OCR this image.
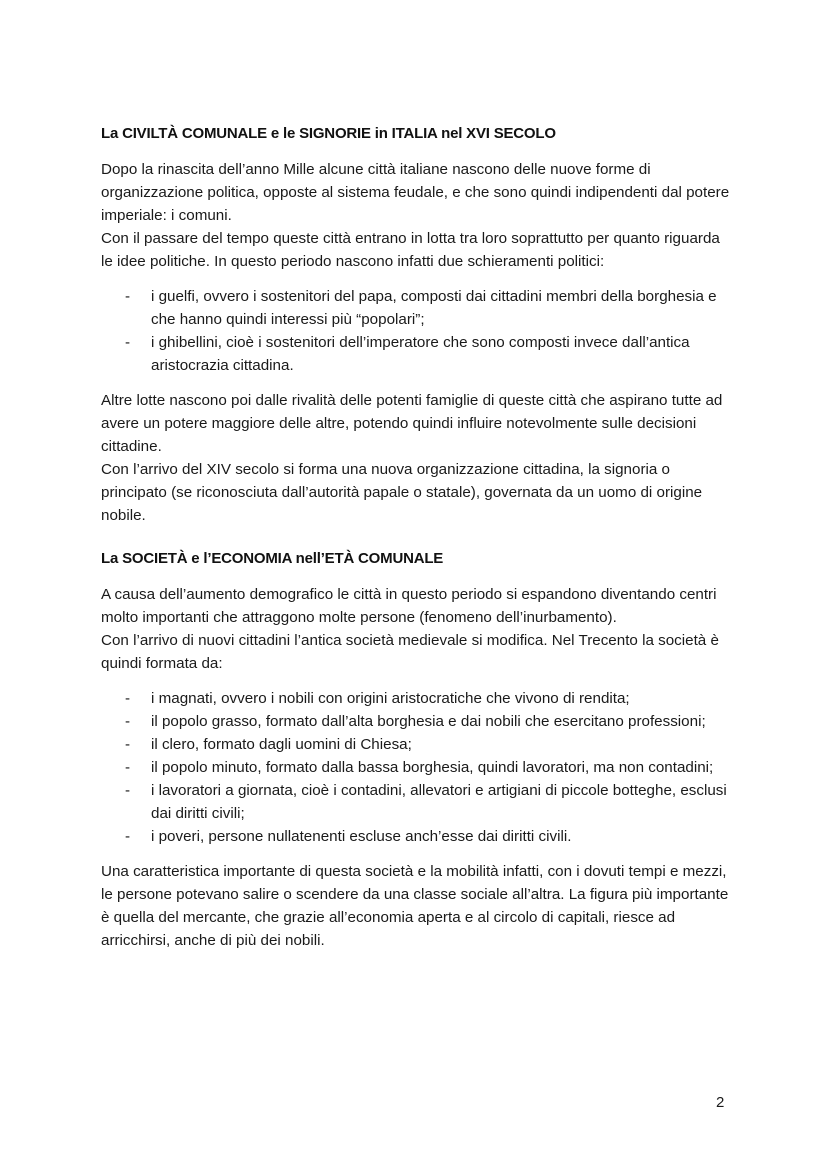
La CIVILTÀ COMUNALE e le SIGNORIE in ITALIA nel XVI SECOLO

Dopo la rinascita dell’anno Mille alcune città italiane nascono delle nuove forme di organizzazione politica, opposte al sistema feudale, e che sono quindi indipendenti dal potere imperiale: i comuni.

Con il passare del tempo queste città entrano in lotta tra loro soprattutto per quanto riguarda le idee politiche. In questo periodo nascono infatti due schieramenti politici:

- i guelfi, ovvero i sostenitori del papa, composti dai cittadini membri della borghesia e che hanno quindi interessi più “popolari”;
- i ghibellini, cioè i sostenitori dell’imperatore che sono composti invece dall’antica aristocrazia cittadina.

Altre lotte nascono poi dalle rivalità delle potenti famiglie di queste città che aspirano tutte ad avere un potere maggiore delle altre, potendo quindi influire notevolmente sulle decisioni cittadine.

Con l’arrivo del XIV secolo si forma una nuova organizzazione cittadina, la signoria o principato (se riconosciuta dall’autorità papale o statale), governata da un uomo di origine nobile.

La SOCIETÀ e l’ECONOMIA nell’ETÀ COMUNALE

A causa dell’aumento demografico le città in questo periodo si espandono diventando centri molto importanti che attraggono molte persone (fenomeno dell’inurbamento).

Con l’arrivo di nuovi cittadini l’antica società medievale si modifica. Nel Trecento la società è quindi formata da:

- i magnati, ovvero i nobili con origini aristocratiche che vivono di rendita;
- il popolo grasso, formato dall’alta borghesia e dai nobili che esercitano professioni;
- il clero, formato dagli uomini di Chiesa;
- il popolo minuto, formato dalla bassa borghesia, quindi lavoratori, ma non contadini;
- i lavoratori a giornata, cioè i contadini, allevatori e artigiani di piccole botteghe, esclusi dai diritti civili;
- i poveri, persone nullatenenti escluse anch’esse dai diritti civili.

Una caratteristica importante di questa società e la mobilità infatti, con i dovuti tempi e mezzi, le persone potevano salire o scendere da una classe sociale all’altra. La figura più importante è quella del mercante, che grazie all’economia aperta e al circolo di capitali, riesce ad arricchirsi, anche di più dei nobili.

2
